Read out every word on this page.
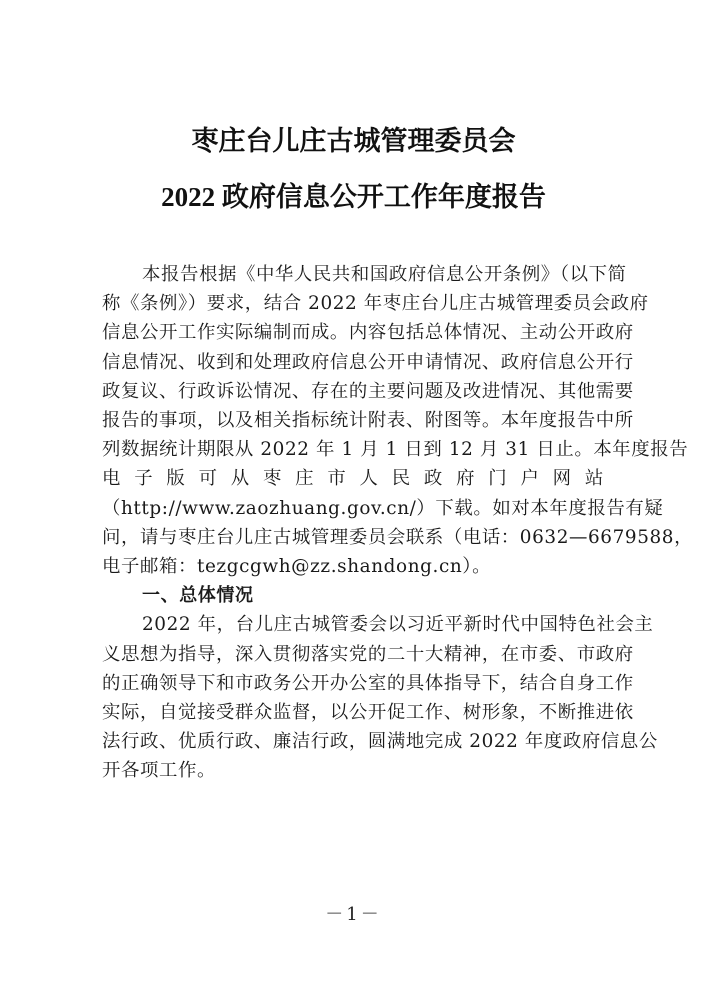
枣庄台儿庄古城管理委员会
2022 政府信息公开工作年度报告
本报告根据《中华人民共和国政府信息公开条例》（以下简
称《条例》）要求，结合 2022 年枣庄台儿庄古城管理委员会政府
信息公开工作实际编制而成。内容包括总体情况、主动公开政府
信息情况、收到和处理政府信息公开申请情况、政府信息公开行
政复议、行政诉讼情况、存在的主要问题及改进情况、其他需要
报告的事项，以及相关指标统计附表、附图等。本年度报告中所
列数据统计期限从 2022 年 1 月 1 日到 12 月 31 日止。本年度报告
电 子 版 可 从 枣 庄 市 人 民 政 府 门 户 网 站
（http://www.zaozhuang.gov.cn/）下载。如对本年度报告有疑
问，请与枣庄台儿庄古城管理委员会联系（电话：0632—6679588，
电子邮箱：tezgcgwh@zz.shandong.cn）。
一、总体情况
2022 年，台儿庄古城管委会以习近平新时代中国特色社会主
义思想为指导，深入贯彻落实党的二十大精神，在市委、市政府
的正确领导下和市政务公开办公室的具体指导下，结合自身工作
实际，自觉接受群众监督，以公开促工作、树形象，不断推进依
法行政、优质行政、廉洁行政，圆满地完成 2022 年度政府信息公
开各项工作。
－1－
